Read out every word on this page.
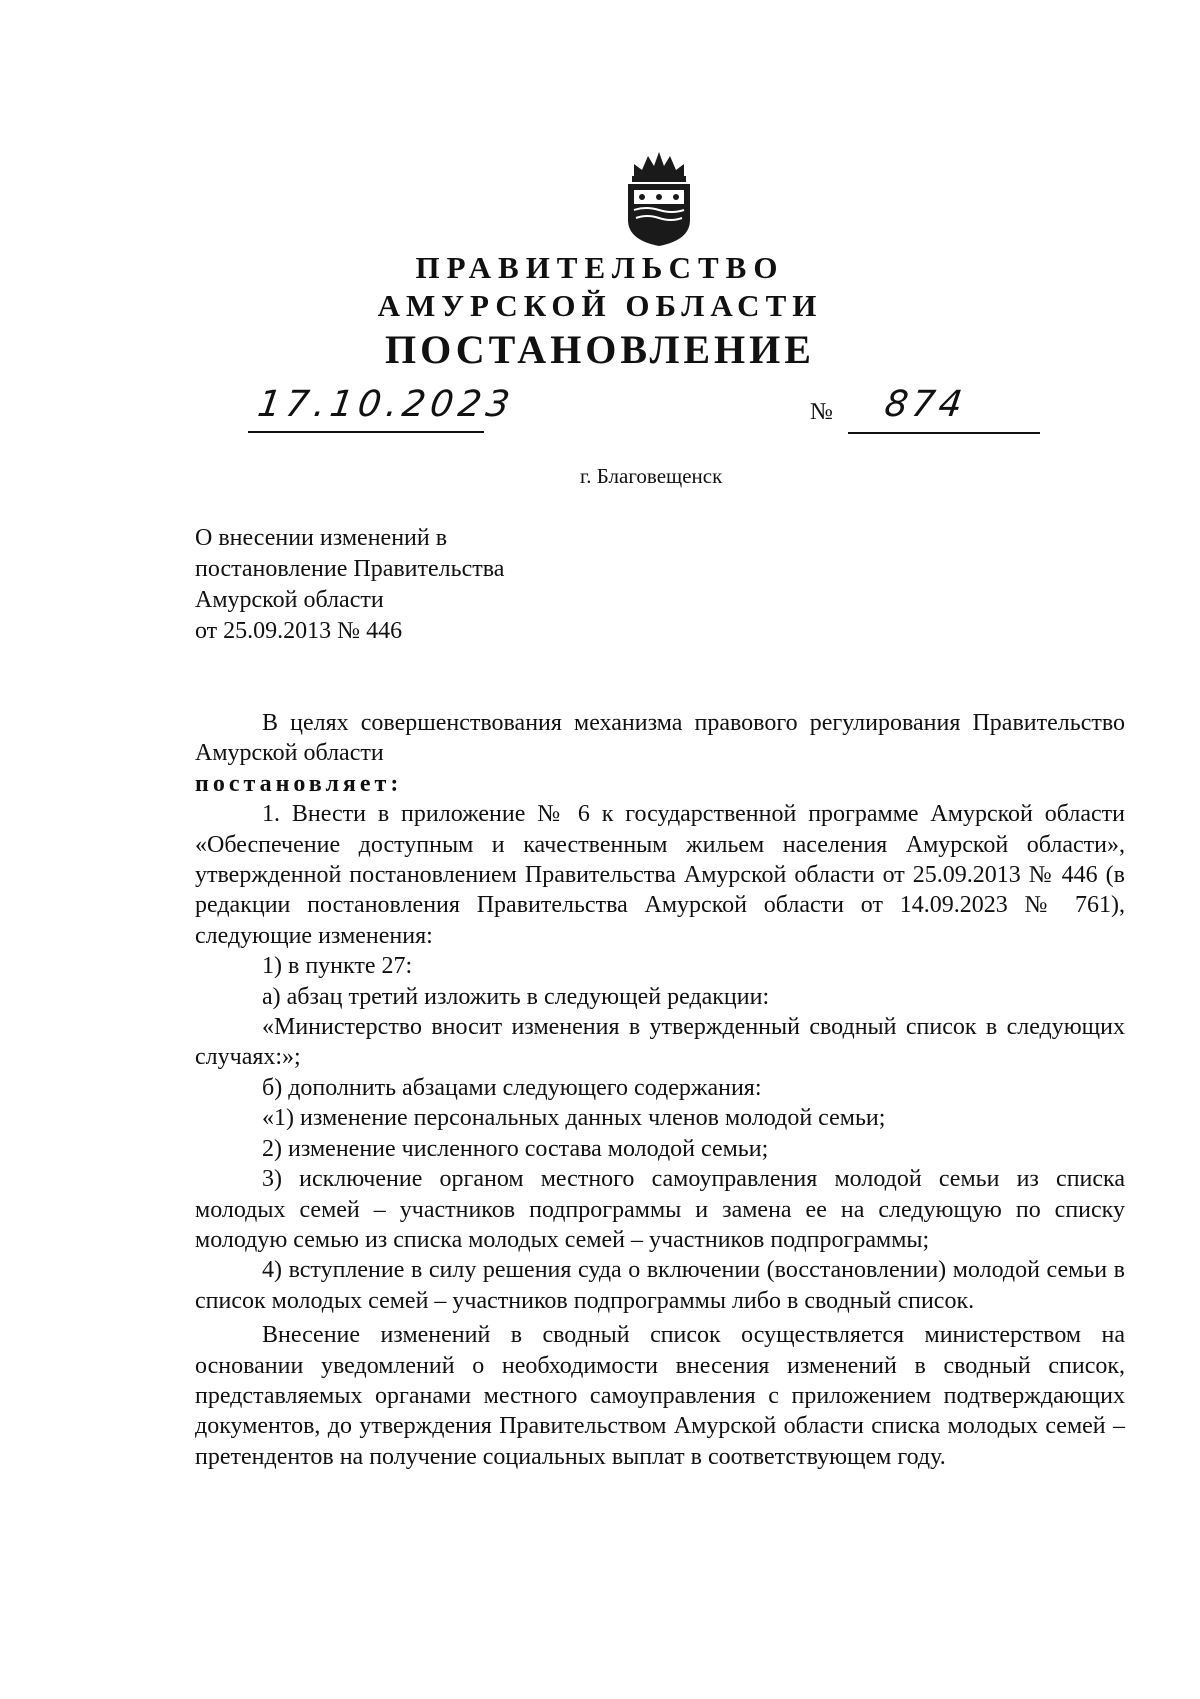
ПРАВИТЕЛЬСТВО
АМУРСКОЙ ОБЛАСТИ
ПОСТАНОВЛЕНИЕ
17.10.2023	№ 874
г. Благовещенск
О внесении изменений в
постановление Правительства
Амурской области
от 25.09.2013 № 446

В целях совершенствования механизма правового регулирования Правительство Амурской области

постановляет:

1. Внести в приложение № 6 к государственной программе Амурской области «Обеспечение доступным и качественным жильем населения Амурской области», утвержденной постановлением Правительства Амурской области от 25.09.2013 № 446 (в редакции постановления Правительства Амурской области от 14.09.2023 № 761), следующие изменения:

1) в пункте 27:

а) абзац третий изложить в следующей редакции:

«Министерство вносит изменения в утвержденный сводный список в следующих случаях:»;

б) дополнить абзацами следующего содержания:

«1) изменение персональных данных членов молодой семьи;

2) изменение численного состава молодой семьи;

3) исключение органом местного самоуправления молодой семьи из списка молодых семей – участников подпрограммы и замена ее на следующую по списку молодую семью из списка молодых семей – участников подпрограммы;

4) вступление в силу решения суда о включении (восстановлении) молодой семьи в список молодых семей – участников подпрограммы либо в сводный список.

Внесение изменений в сводный список осуществляется министерством на основании уведомлений о необходимости внесения изменений в сводный список, представляемых органами местного самоуправления с приложением подтверждающих документов, до утверждения Правительством Амурской области списка молодых семей – претендентов на получение социальных выплат в соответствующем году.
